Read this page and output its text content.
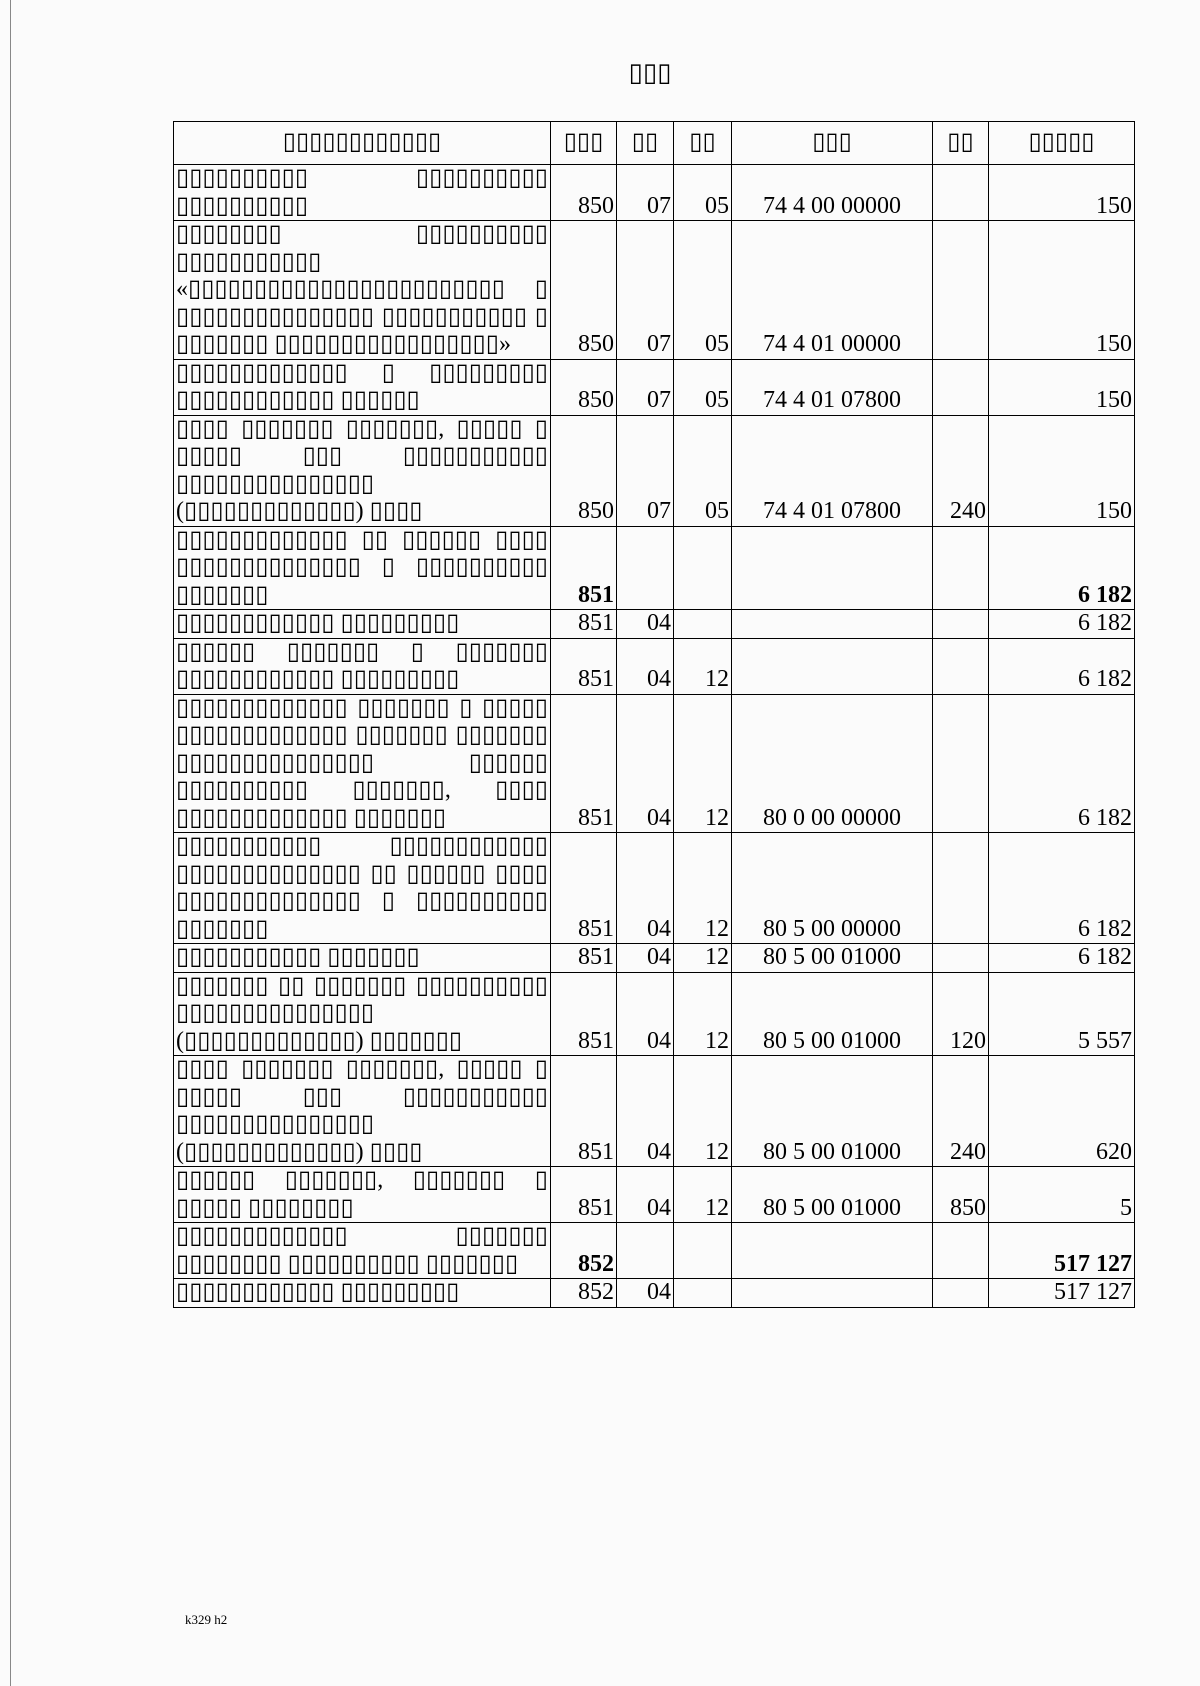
▯▯▯
▯▯▯▯▯▯▯▯▯▯▯▯	▯▯▯	▯▯	▯▯	▯▯▯	▯▯	▯▯▯▯▯
▯▯▯▯▯▯▯▯▯▯ ▯▯▯▯▯▯▯▯▯▯ ▯▯▯▯▯▯▯▯▯▯	850	07	05	74 4 00 00000		150
▯▯▯▯▯▯▯▯ ▯▯▯▯▯▯▯▯▯▯ ▯▯▯▯▯▯▯▯▯▯▯ «▯▯▯▯▯▯▯▯▯▯▯▯▯▯▯▯▯▯▯▯▯▯▯▯ ▯ ▯▯▯▯▯▯▯▯▯▯▯▯▯▯▯ ▯▯▯▯▯▯▯▯▯▯▯ ▯ ▯▯▯▯▯▯▯ ▯▯▯▯▯▯▯▯▯▯▯▯▯▯▯▯▯»	850	07	05	74 4 01 00000		150
▯▯▯▯▯▯▯▯▯▯▯▯▯ ▯ ▯▯▯▯▯▯▯▯▯ ▯▯▯▯▯▯▯▯▯▯▯▯ ▯▯▯▯▯▯	850	07	05	74 4 01 07800		150
▯▯▯▯ ▯▯▯▯▯▯▯ ▯▯▯▯▯▯▯, ▯▯▯▯▯ ▯ ▯▯▯▯▯ ▯▯▯ ▯▯▯▯▯▯▯▯▯▯▯ ▯▯▯▯▯▯▯▯▯▯▯▯▯▯▯ (▯▯▯▯▯▯▯▯▯▯▯▯▯) ▯▯▯▯	850	07	05	74 4 01 07800	240	150
▯▯▯▯▯▯▯▯▯▯▯▯▯ ▯▯ ▯▯▯▯▯▯ ▯▯▯▯ ▯▯▯▯▯▯▯▯▯▯▯▯▯▯ ▯ ▯▯▯▯▯▯▯▯▯▯ ▯▯▯▯▯▯▯	851					6 182
▯▯▯▯▯▯▯▯▯▯▯▯ ▯▯▯▯▯▯▯▯▯	851	04				6 182
▯▯▯▯▯▯ ▯▯▯▯▯▯▯ ▯ ▯▯▯▯▯▯▯ ▯▯▯▯▯▯▯▯▯▯▯▯ ▯▯▯▯▯▯▯▯▯	851	04	12			6 182
▯▯▯▯▯▯▯▯▯▯▯▯▯ ▯▯▯▯▯▯▯ ▯ ▯▯▯▯▯ ▯▯▯▯▯▯▯▯▯▯▯▯▯ ▯▯▯▯▯▯▯ ▯▯▯▯▯▯▯ ▯▯▯▯▯▯▯▯▯▯▯▯▯▯▯ ▯▯▯▯▯▯ ▯▯▯▯▯▯▯▯▯▯ ▯▯▯▯▯▯▯, ▯▯▯▯ ▯▯▯▯▯▯▯▯▯▯▯▯▯ ▯▯▯▯▯▯▯	851	04	12	80 0 00 00000		6 182
▯▯▯▯▯▯▯▯▯▯▯ ▯▯▯▯▯▯▯▯▯▯▯▯ ▯▯▯▯▯▯▯▯▯▯▯▯▯▯ ▯▯ ▯▯▯▯▯▯ ▯▯▯▯ ▯▯▯▯▯▯▯▯▯▯▯▯▯▯ ▯ ▯▯▯▯▯▯▯▯▯▯ ▯▯▯▯▯▯▯	851	04	12	80 5 00 00000		6 182
▯▯▯▯▯▯▯▯▯▯▯ ▯▯▯▯▯▯▯	851	04	12	80 5 00 01000		6 182
▯▯▯▯▯▯▯ ▯▯ ▯▯▯▯▯▯▯ ▯▯▯▯▯▯▯▯▯▯ ▯▯▯▯▯▯▯▯▯▯▯▯▯▯▯ (▯▯▯▯▯▯▯▯▯▯▯▯▯) ▯▯▯▯▯▯▯	851	04	12	80 5 00 01000	120	5 557
▯▯▯▯ ▯▯▯▯▯▯▯ ▯▯▯▯▯▯▯, ▯▯▯▯▯ ▯ ▯▯▯▯▯ ▯▯▯ ▯▯▯▯▯▯▯▯▯▯▯ ▯▯▯▯▯▯▯▯▯▯▯▯▯▯▯ (▯▯▯▯▯▯▯▯▯▯▯▯▯) ▯▯▯▯	851	04	12	80 5 00 01000	240	620
▯▯▯▯▯▯ ▯▯▯▯▯▯▯, ▯▯▯▯▯▯▯ ▯ ▯▯▯▯▯ ▯▯▯▯▯▯▯▯	851	04	12	80 5 00 01000	850	5
▯▯▯▯▯▯▯▯▯▯▯▯▯ ▯▯▯▯▯▯▯ ▯▯▯▯▯▯▯▯ ▯▯▯▯▯▯▯▯▯▯ ▯▯▯▯▯▯▯	852					517 127
▯▯▯▯▯▯▯▯▯▯▯▯ ▯▯▯▯▯▯▯▯▯	852	04				517 127
k329 h2
